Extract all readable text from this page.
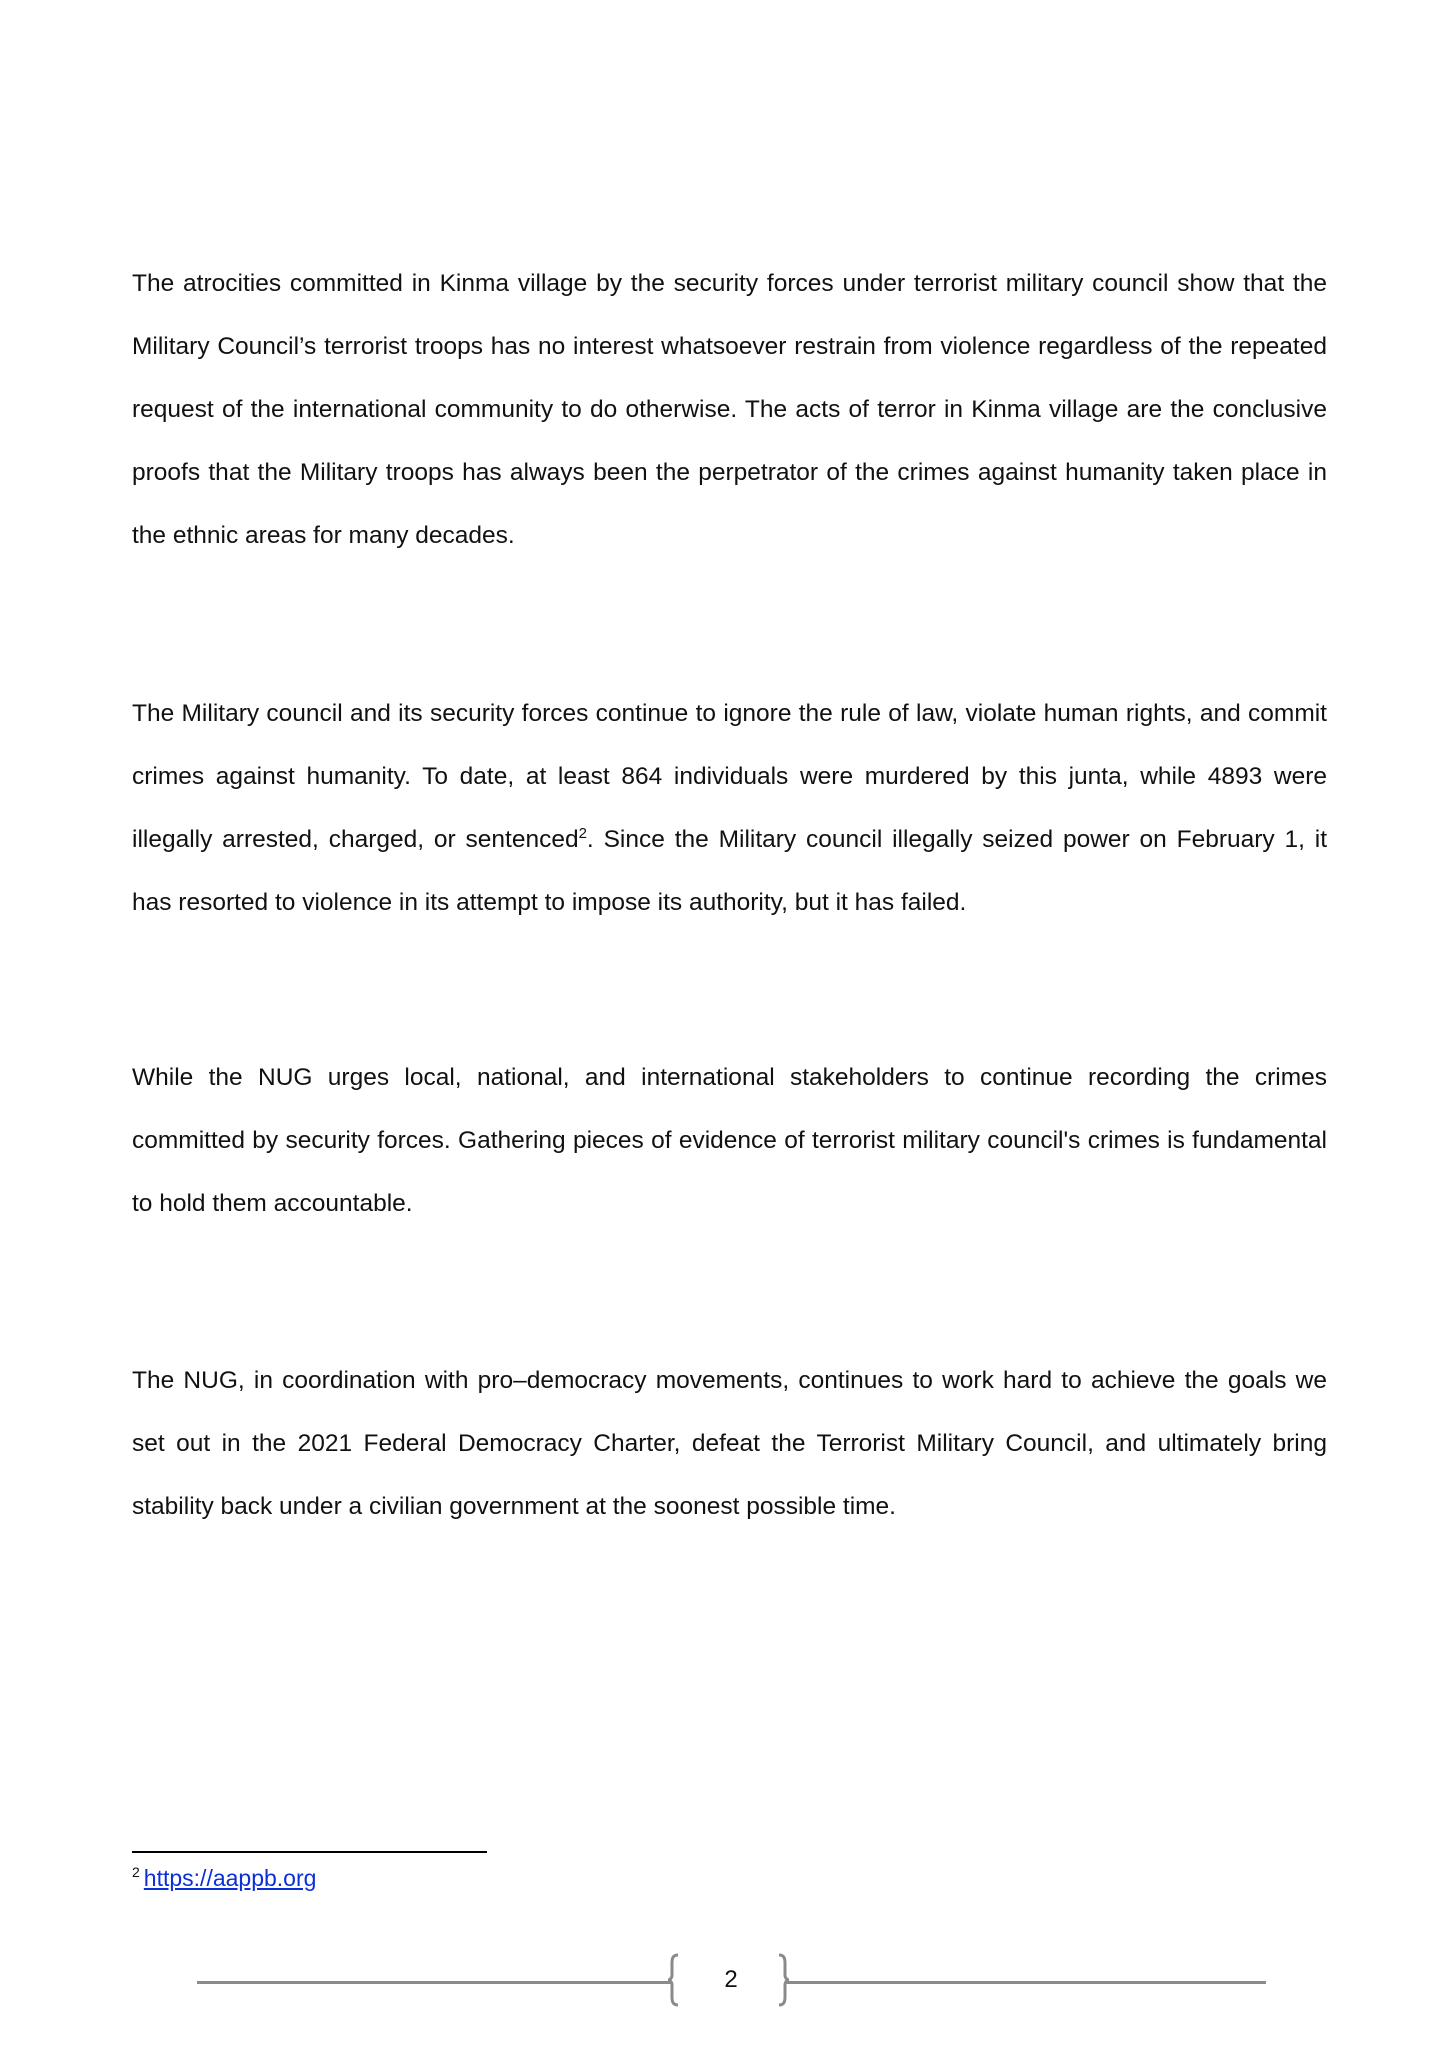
The atrocities committed in Kinma village by the security forces under terrorist military council show that the Military Council’s terrorist troops has no interest whatsoever restrain from violence regardless of the repeated request of the international community to do otherwise. The acts of terror in Kinma village are the conclusive proofs that the Military troops has always been the perpetrator of the crimes against humanity taken place in the ethnic areas for many decades.

The Military council and its security forces continue to ignore the rule of law, violate human rights, and commit crimes against humanity. To date, at least 864 individuals were murdered by this junta, while 4893 were illegally arrested, charged, or sentenced$^2$. Since the Military council illegally seized power on February 1, it has resorted to violence in its attempt to impose its authority, but it has failed.

While the NUG urges local, national, and international stakeholders to continue recording the crimes committed by security forces. Gathering pieces of evidence of terrorist military council's crimes is fundamental to hold them accountable.

The NUG, in coordination with pro–democracy movements, continues to work hard to achieve the goals we set out in the 2021 Federal Democracy Charter, defeat the Terrorist Military Council, and ultimately bring stability back under a civilian government at the soonest possible time.

$^2$ https://aappb.org
2
